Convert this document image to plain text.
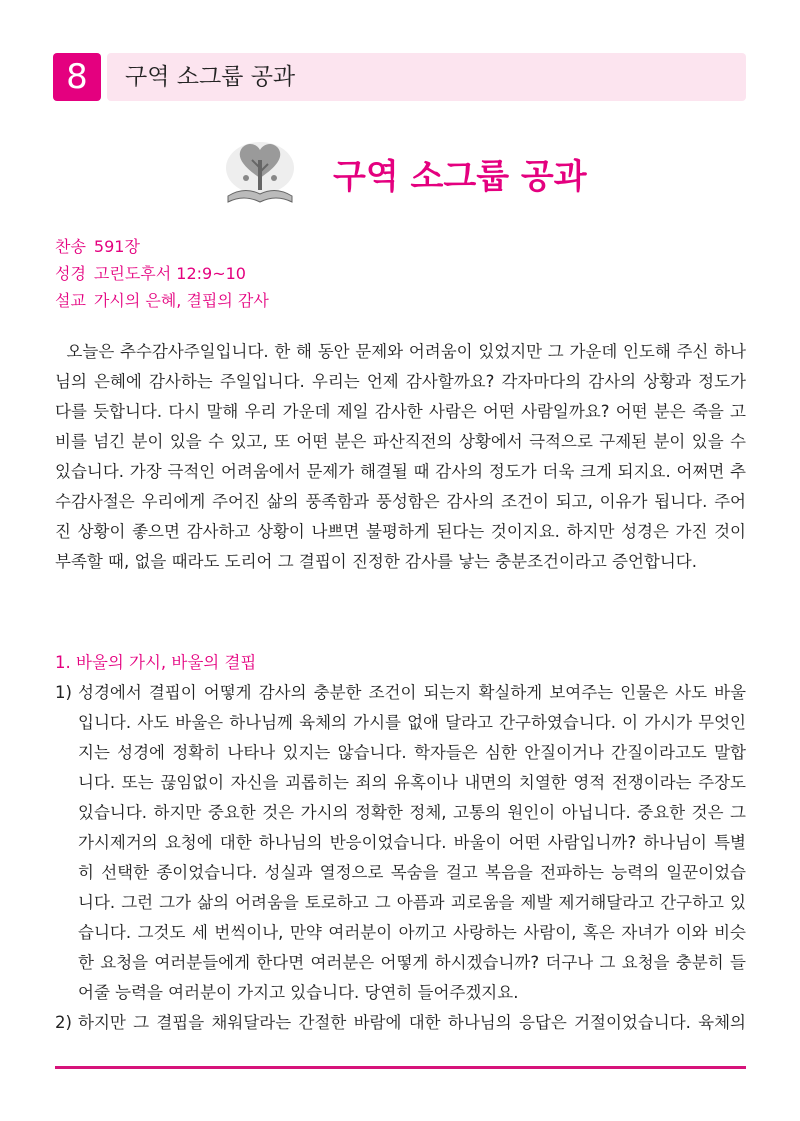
8	구역 소그룹 공과
구역 소그룹 공과
찬송 591장
성경 고린도후서 12:9~10
설교 가시의 은혜, 결핍의 감사
오늘은 추수감사주일입니다. 한 해 동안 문제와 어려움이 있었지만 그 가운데 인도해 주신 하나
님의 은혜에 감사하는 주일입니다. 우리는 언제 감사할까요? 각자마다의 감사의 상황과 정도가
다를 듯합니다. 다시 말해 우리 가운데 제일 감사한 사람은 어떤 사람일까요? 어떤 분은 죽을 고
비를 넘긴 분이 있을 수 있고, 또 어떤 분은 파산직전의 상황에서 극적으로 구제된 분이 있을 수
있습니다. 가장 극적인 어려움에서 문제가 해결될 때 감사의 정도가 더욱 크게 되지요. 어쩌면 추
수감사절은 우리에게 주어진 삶의 풍족함과 풍성함은 감사의 조건이 되고, 이유가 됩니다. 주어
진 상황이 좋으면 감사하고 상황이 나쁘면 불평하게 된다는 것이지요. 하지만 성경은 가진 것이
부족할 때, 없을 때라도 도리어 그 결핍이 진정한 감사를 낳는 충분조건이라고 증언합니다.
1. 바울의 가시, 바울의 결핍
1) 성경에서 결핍이 어떻게 감사의 충분한 조건이 되는지 확실하게 보여주는 인물은 사도 바울
입니다. 사도 바울은 하나님께 육체의 가시를 없애 달라고 간구하였습니다. 이 가시가 무엇인
지는 성경에 정확히 나타나 있지는 않습니다. 학자들은 심한 안질이거나 간질이라고도 말합
니다. 또는 끊임없이 자신을 괴롭히는 죄의 유혹이나 내면의 치열한 영적 전쟁이라는 주장도
있습니다. 하지만 중요한 것은 가시의 정확한 정체, 고통의 원인이 아닙니다. 중요한 것은 그
가시제거의 요청에 대한 하나님의 반응이었습니다. 바울이 어떤 사람입니까? 하나님이 특별
히 선택한 종이었습니다. 성실과 열정으로 목숨을 걸고 복음을 전파하는 능력의 일꾼이었습
니다. 그런 그가 삶의 어려움을 토로하고 그 아픔과 괴로움을 제발 제거해달라고 간구하고 있
습니다. 그것도 세 번씩이나, 만약 여러분이 아끼고 사랑하는 사람이, 혹은 자녀가 이와 비슷
한 요청을 여러분들에게 한다면 여러분은 어떻게 하시겠습니까? 더구나 그 요청을 충분히 들
어줄 능력을 여러분이 가지고 있습니다. 당연히 들어주겠지요.
2) 하지만 그 결핍을 채워달라는 간절한 바람에 대한 하나님의 응답은 거절이었습니다. 육체의
